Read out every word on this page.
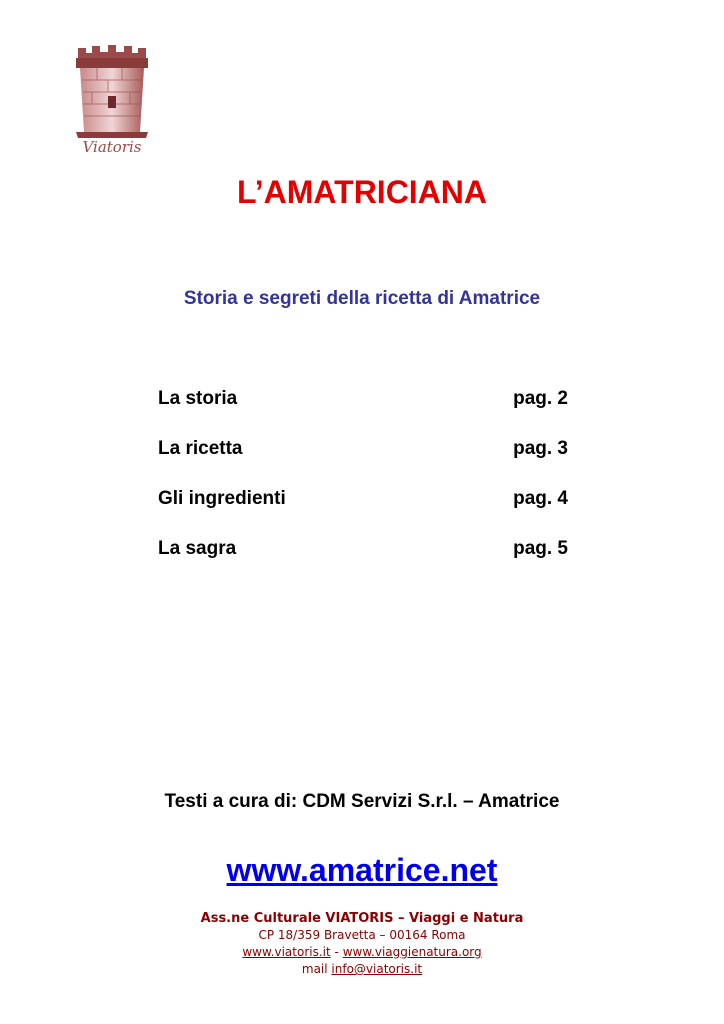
Viatoris
L’AMATRICIANA
Storia e segreti della ricetta di Amatrice
La storia	pag. 2
La ricetta	pag. 3
Gli ingredienti	pag. 4
La sagra	pag. 5
Testi a cura di: CDM Servizi S.r.l. – Amatrice
www.amatrice.net
Ass.ne Culturale VIATORIS – Viaggi e Natura
CP 18/359 Bravetta – 00164 Roma
www.viatoris.it - www.viaggienatura.org
mail info@viatoris.it
